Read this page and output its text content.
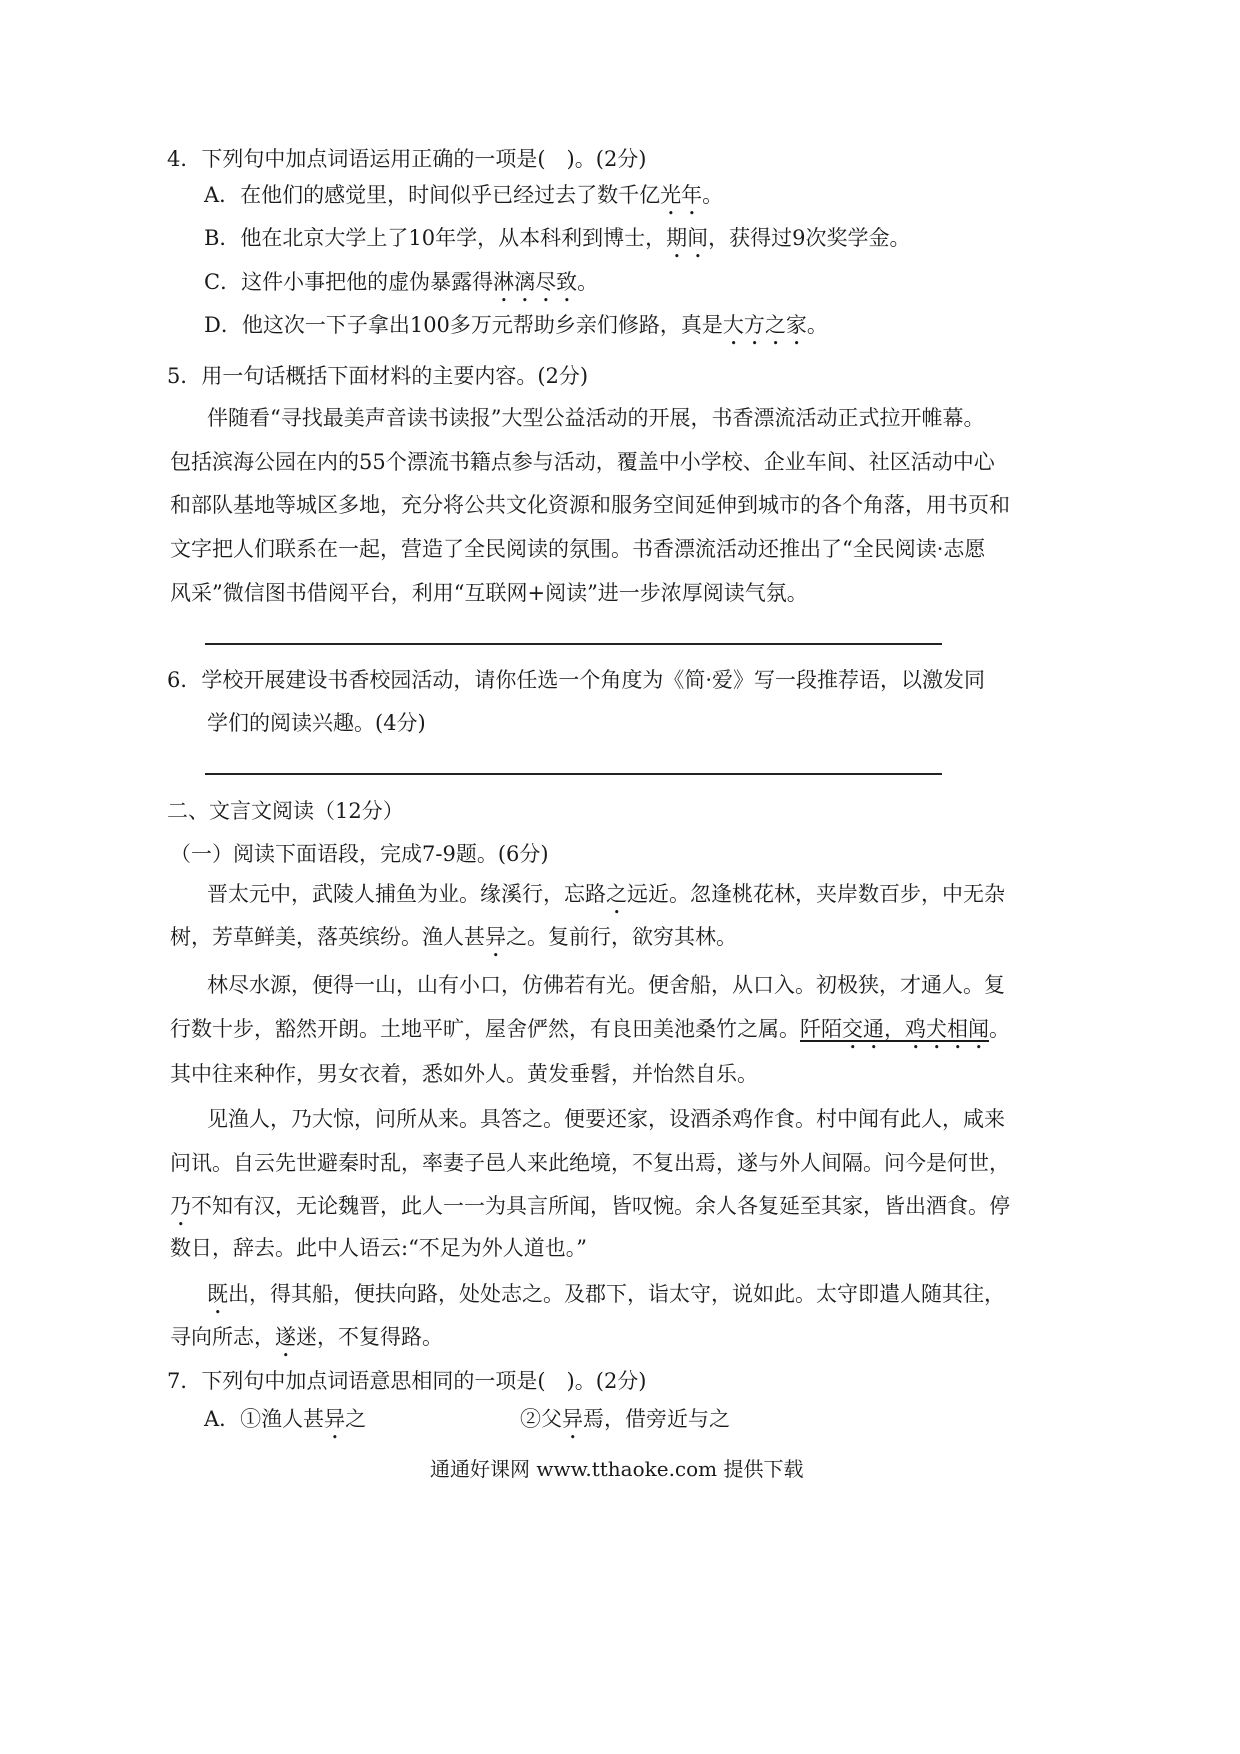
4．下列句中加点词语运用正确的一项是(　)。(2分)
A．在他们的感觉里，时间似乎已经过去了数千亿光年。
B．他在北京大学上了10年学，从本科利到博士，期间，获得过9次奖学金。
C．这件小事把他的虚伪暴露得淋漓尽致。
D．他这次一下子拿出100多万元帮助乡亲们修路，真是大方之家。
5．用一句话概括下面材料的主要内容。(2分)
伴随看“寻找最美声音读书读报”大型公益活动的开展，书香漂流活动正式拉开帷幕。
包括滨海公园在内的55个漂流书籍点参与活动，覆盖中小学校、企业车间、社区活动中心
和部队基地等城区多地，充分将公共文化资源和服务空间延伸到城市的各个角落，用书页和
文字把人们联系在一起，营造了全民阅读的氛围。书香漂流活动还推出了“全民阅读·志愿
风采”微信图书借阅平台，利用“互联网+阅读”进一步浓厚阅读气氛。
6．学校开展建设书香校园活动，请你任选一个角度为《简·爱》写一段推荐语，以激发同
学们的阅读兴趣。(4分)
二、文言文阅读（12分）
（一）阅读下面语段，完成7-9题。(6分)
晋太元中，武陵人捕鱼为业。缘溪行，忘路之远近。忽逢桃花林，夹岸数百步，中无杂
树，芳草鲜美，落英缤纷。渔人甚异之。复前行，欲穷其林。
林尽水源，便得一山，山有小口，仿佛若有光。便舍船，从口入。初极狭，才通人。复
行数十步，豁然开朗。土地平旷，屋舍俨然，有良田美池桑竹之属。阡陌交通，鸡犬相闻。
其中往来种作，男女衣着，悉如外人。黄发垂髫，并怡然自乐。
见渔人，乃大惊，问所从来。具答之。便要还家，设酒杀鸡作食。村中闻有此人，咸来
问讯。自云先世避秦时乱，率妻子邑人来此绝境，不复出焉，遂与外人间隔。问今是何世，
乃不知有汉，无论魏晋，此人一一为具言所闻，皆叹惋。余人各复延至其家，皆出酒食。停
数日，辞去。此中人语云:“不足为外人道也。”
既出，得其船，便扶向路，处处志之。及郡下，诣太守，说如此。太守即遣人随其往，
寻向所志，遂迷，不复得路。
7．下列句中加点词语意思相同的一项是(　)。(2分)
A．①渔人甚异之	②父异焉，借旁近与之
通通好课网 www.tthaoke.com 提供下载
